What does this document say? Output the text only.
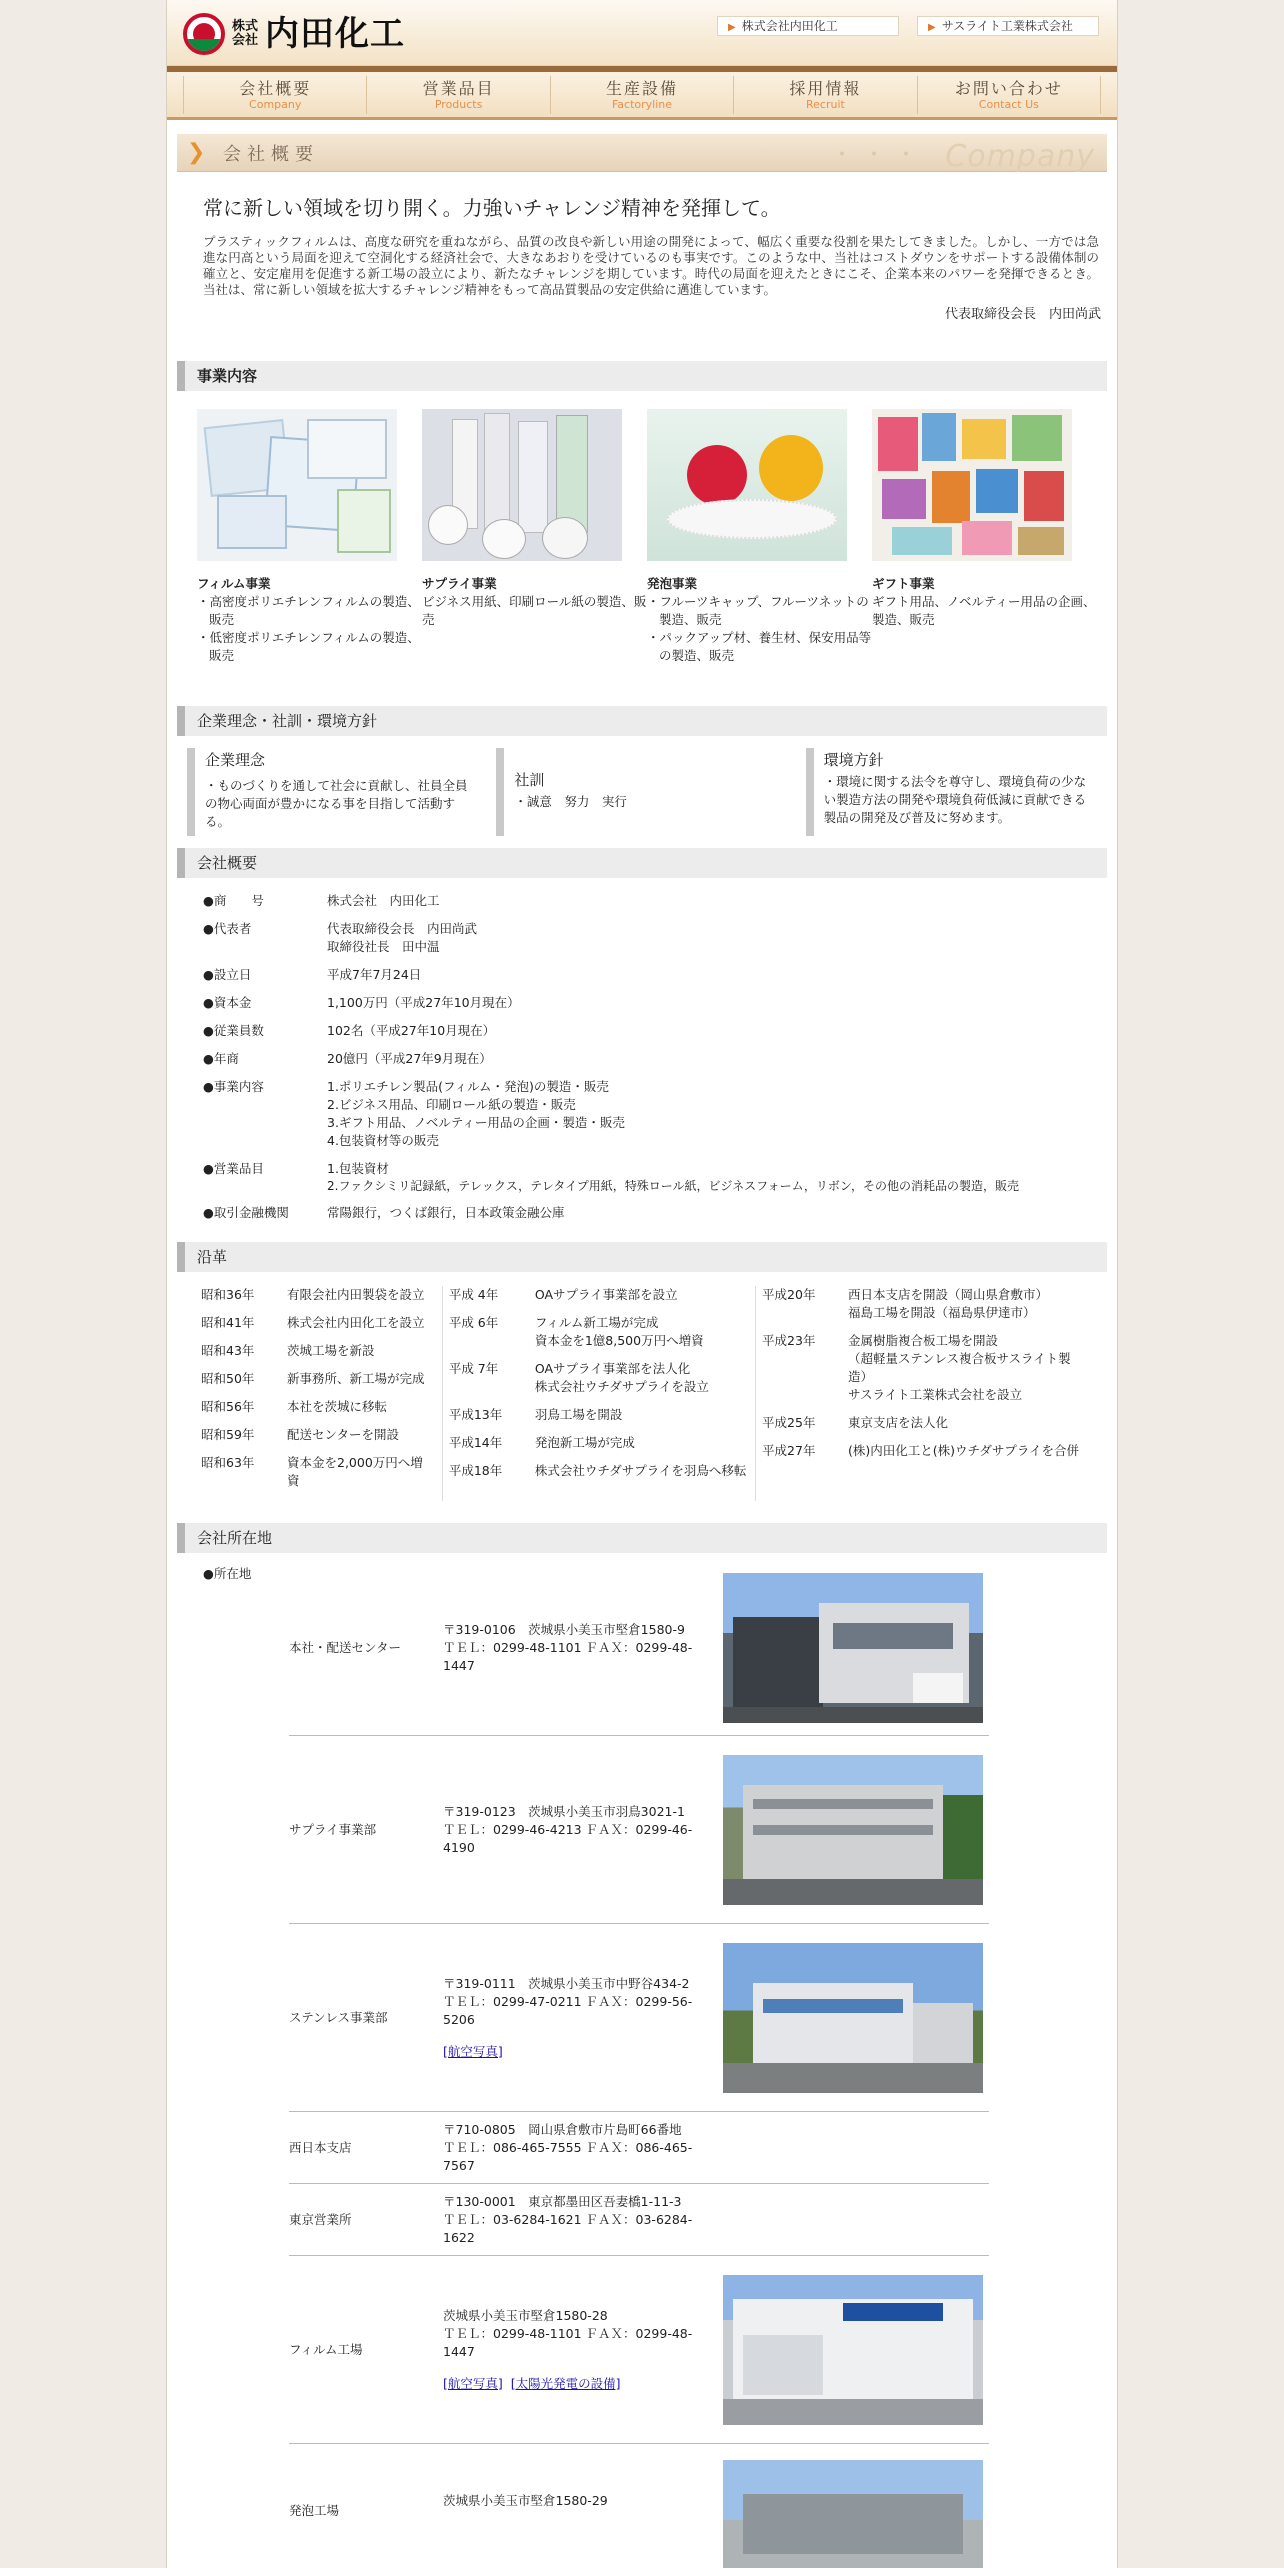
株式
会社 内田化工	▶ 株式会社内田化工	▶ サスライト工業株式会社
会社概要
Company
営業品目
Products
生産設備
Factoryline
採用情報
Recruit
お問い合わせ
Contact Us
❯ 会社概要	・・・ Company
常に新しい領域を切り開く。力強いチャレンジ精神を発揮して。
プラスティックフィルムは、高度な研究を重ねながら、品質の改良や新しい用途の開発によって、幅広く重要な役割を果たしてきました。しかし、一方では急進な円高という局面を迎えて空洞化する経済社会で、大きなあおりを受けているのも事実です。このような中、当社はコストダウンをサポートする設備体制の確立と、安定雇用を促進する新工場の設立により、新たなチャレンジを期しています。時代の局面を迎えたときにこそ、企業本来のパワーを発揮できるとき。当社は、常に新しい領域を拡大するチャレンジ精神をもって高品質製品の安定供給に邁進しています。
代表取締役会長　内田尚武
事業内容
フィルム事業
・高密度ポリエチレンフィルムの製造、販売
・低密度ポリエチレンフィルムの製造、販売
サプライ事業
ビジネス用紙、印刷ロール紙の製造、販売
発泡事業
・フルーツキャップ、フルーツネットの製造、販売
・パックアップ材、養生材、保安用品等の製造、販売
ギフト事業
ギフト用品、ノベルティー用品の企画、製造、販売
企業理念・社訓・環境方針
企業理念
・ものづくりを通して社会に貢献し、社員全員の物心両面が豊かになる事を目指して活動する。
社訓
・誠意　努力　実行
環境方針
・環境に関する法令を尊守し、環境負荷の少ない製造方法の開発や環境負荷低減に貢献できる製品の開発及び普及に努めます。
会社概要
●商　　号	株式会社　内田化工
●代表者	代表取締役会長　内田尚武
取締役社長　田中温
●設立日	平成7年7月24日
●資本金	1,100万円（平成27年10月現在）
●従業員数	102名（平成27年10月現在）
●年商	20億円（平成27年9月現在）
●事業内容	1.ポリエチレン製品(フィルム・発泡)の製造・販売
2.ビジネス用品、印刷ロール紙の製造・販売
3.ギフト用品、ノベルティー用品の企画・製造・販売
4.包装資材等の販売
●営業品目	1.包装資材
2.ファクシミリ記録紙，テレックス，テレタイプ用紙，特殊ロール紙，ビジネスフォーム，リボン，その他の消耗品の製造，販売
●取引金融機関	常陽銀行，つくば銀行，日本政策金融公庫
沿革
昭和36年	有限会社内田製袋を設立
昭和41年	株式会社内田化工を設立
昭和43年	茨城工場を新設
昭和50年	新事務所、新工場が完成
昭和56年	本社を茨城に移転
昭和59年	配送センターを開設
昭和63年	資本金を2,000万円へ増資
平成 4年	OAサプライ事業部を設立
平成 6年	フィルム新工場が完成
資本金を1億8,500万円へ増資
平成 7年	OAサプライ事業部を法人化
株式会社ウチダサプライを設立
平成13年	羽鳥工場を開設
平成14年	発泡新工場が完成
平成18年	株式会社ウチダサプライを羽鳥へ移転
平成20年	西日本支店を開設（岡山県倉敷市）
福島工場を開設（福島県伊達市）
平成23年	金属樹脂複合板工場を開設
（超軽量ステンレス複合板サスライト製造）
サスライト工業株式会社を設立
平成25年	東京支店を法人化
平成27年	(株)内田化工と(株)ウチダサプライを合併
会社所在地
●所在地
本社・配送センター
〒319-0106　茨城県小美玉市堅倉1580-9
ＴＥＬ：0299-48-1101 ＦＡＸ：0299-48-1447
サプライ事業部
〒319-0123　茨城県小美玉市羽鳥3021-1
ＴＥＬ：0299-46-4213 ＦＡＸ：0299-46-4190
ステンレス事業部
〒319-0111　茨城県小美玉市中野谷434-2
ＴＥＬ：0299-47-0211 ＦＡＸ：0299-56-5206
[航空写真]
西日本支店
〒710-0805　岡山県倉敷市片島町66番地
ＴＥＬ：086-465-7555 ＦＡＸ：086-465-7567
東京営業所
〒130-0001　東京都墨田区吾妻橋1-11-3
ＴＥＬ：03-6284-1621 ＦＡＸ：03-6284-1622
フィルム工場
茨城県小美玉市堅倉1580-28
ＴＥＬ：0299-48-1101 ＦＡＸ：0299-48-1447
[航空写真] [太陽光発電の設備]
発泡工場
茨城県小美玉市堅倉1580-29
